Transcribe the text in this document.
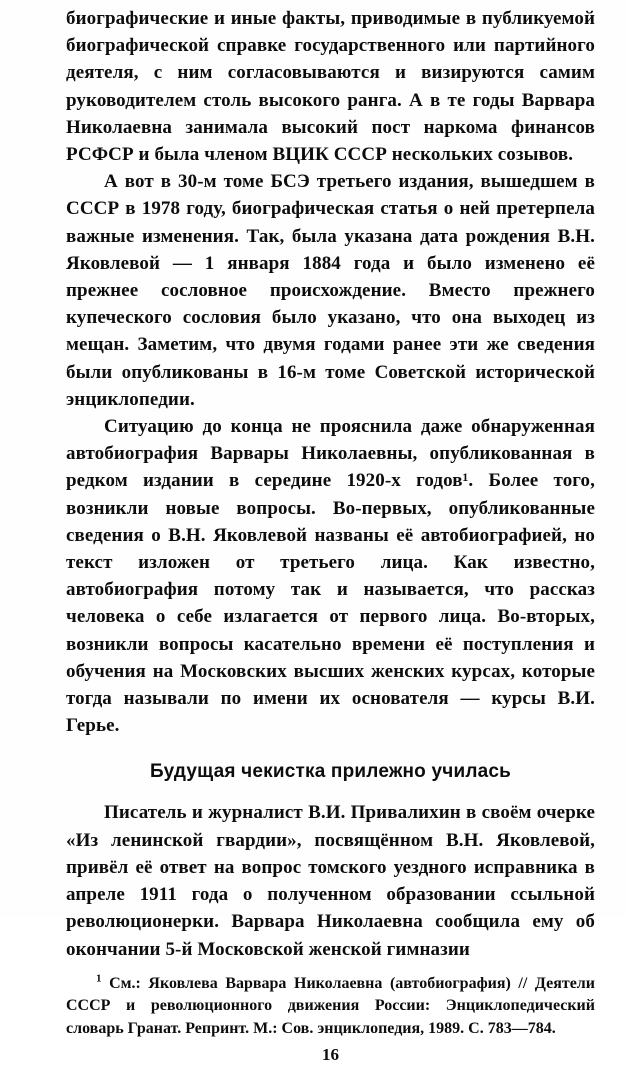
биографические и иные факты, приводимые в публикуемой биографической справке государственного или партийного деятеля, с ним согласовываются и визируются самим руководителем столь высокого ранга. А в те годы Варвара Николаевна занимала высокий пост наркома финансов РСФСР и была членом ВЦИК СССР нескольких созывов.

А вот в 30-м томе БСЭ третьего издания, вышедшем в СССР в 1978 году, биографическая статья о ней претерпела важные изменения. Так, была указана дата рождения В.Н. Яковлевой — 1 января 1884 года и было изменено её прежнее сословное происхождение. Вместо прежнего купеческого сословия было указано, что она выходец из мещан. Заметим, что двумя годами ранее эти же сведения были опубликованы в 16-м томе Советской исторической энциклопедии.

Ситуацию до конца не прояснила даже обнаруженная автобиография Варвары Николаевны, опубликованная в редком издании в середине 1920-х годов¹. Более того, возникли новые вопросы. Во-первых, опубликованные сведения о В.Н. Яковлевой названы её автобиографией, но текст изложен от третьего лица. Как известно, автобиография потому так и называется, что рассказ человека о себе излагается от первого лица. Во-вторых, возникли вопросы касательно времени её поступления и обучения на Московских высших женских курсах, которые тогда называли по имени их основателя — курсы В.И. Герье.

Будущая чекистка прилежно училась

Писатель и журналист В.И. Привалихин в своём очерке «Из ленинской гвардии», посвящённом В.Н. Яковлевой, привёл её ответ на вопрос томского уездного исправника в апреле 1911 года о полученном образовании ссыльной революционерки. Варвара Николаевна сообщила ему об окончании 5-й Московской женской гимназии

$^1$ См.: Яковлева Варвара Николаевна (автобиография) // Деятели СССР и революционного движения России: Энциклопедический словарь Гранат. Репринт. М.: Сов. энциклопедия, 1989. С. 783—784.
16
